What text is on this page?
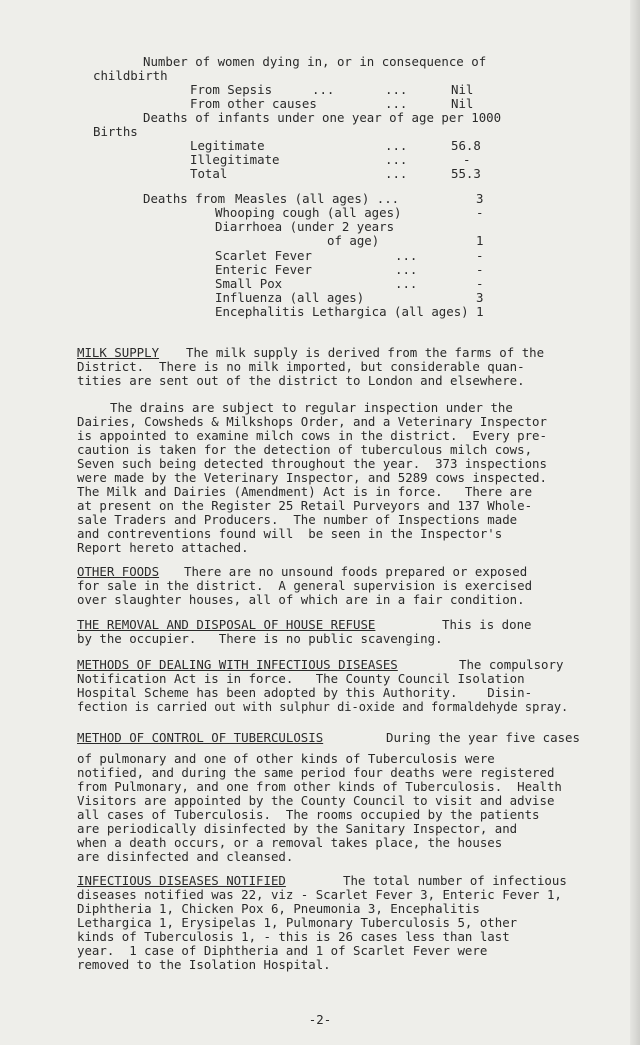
Number of women dying in, or in consequence of
childbirth
From Sepsis	...	...	Nil
From other causes	...	Nil
Deaths of infants under one year of age per 1000
Births
Legitimate	...	56.8
Illegitimate	...	-
Total	...	55.3
Deaths from Measles (all ages) ...	3
Whooping cough (all ages)	-
Diarrhoea (under 2 years
of age)	1
Scarlet Fever	...	-
Enteric Fever	...	-
Small Pox	...	-
Influenza (all ages)	3
Encephalitis Lethargica (all ages) 1
MILK SUPPLY The milk supply is derived from the farms of the
District.  There is no milk imported, but considerable quan-
tities are sent out of the district to London and elsewhere.
The drains are subject to regular inspection under the
Dairies, Cowsheds & Milkshops Order, and a Veterinary Inspector
is appointed to examine milch cows in the district.  Every pre-
caution is taken for the detection of tuberculous milch cows,
Seven such being detected throughout the year.  373 inspections
were made by the Veterinary Inspector, and 5289 cows inspected.
The Milk and Dairies (Amendment) Act is in force.   There are
at present on the Register 25 Retail Purveyors and 137 Whole-
sale Traders and Producers.  The number of Inspections made
and contreventions found will  be seen in the Inspector's
Report hereto attached.
OTHER FOODS There are no unsound foods prepared or exposed
for sale in the district.  A general supervision is exercised
over slaughter houses, all of which are in a fair condition.
THE REMOVAL AND DISPOSAL OF HOUSE REFUSE	This is done
by the occupier.   There is no public scavenging.
METHODS OF DEALING WITH INFECTIOUS DISEASES	The compulsory
Notification Act is in force.   The County Council Isolation
Hospital Scheme has been adopted by this Authority.    Disin-
fection is carried out with sulphur di-oxide and formaldehyde spray.
METHOD OF CONTROL OF TUBERCULOSIS	During the year five cases
of pulmonary and one of other kinds of Tuberculosis were
notified, and during the same period four deaths were registered
from Pulmonary, and one from other kinds of Tuberculosis.  Health
Visitors are appointed by the County Council to visit and advise
all cases of Tuberculosis.  The rooms occupied by the patients
are periodically disinfected by the Sanitary Inspector, and
when a death occurs, or a removal takes place, the houses
are disinfected and cleansed.
INFECTIOUS DISEASES NOTIFIED	The total number of infectious
diseases notified was 22, viz - Scarlet Fever 3, Enteric Fever 1,
Diphtheria 1, Chicken Pox 6, Pneumonia 3, Encephalitis
Lethargica 1, Erysipelas 1, Pulmonary Tuberculosis 5, other
kinds of Tuberculosis 1, - this is 26 cases less than last
year.  1 case of Diphtheria and 1 of Scarlet Fever were
removed to the Isolation Hospital.
-2-
